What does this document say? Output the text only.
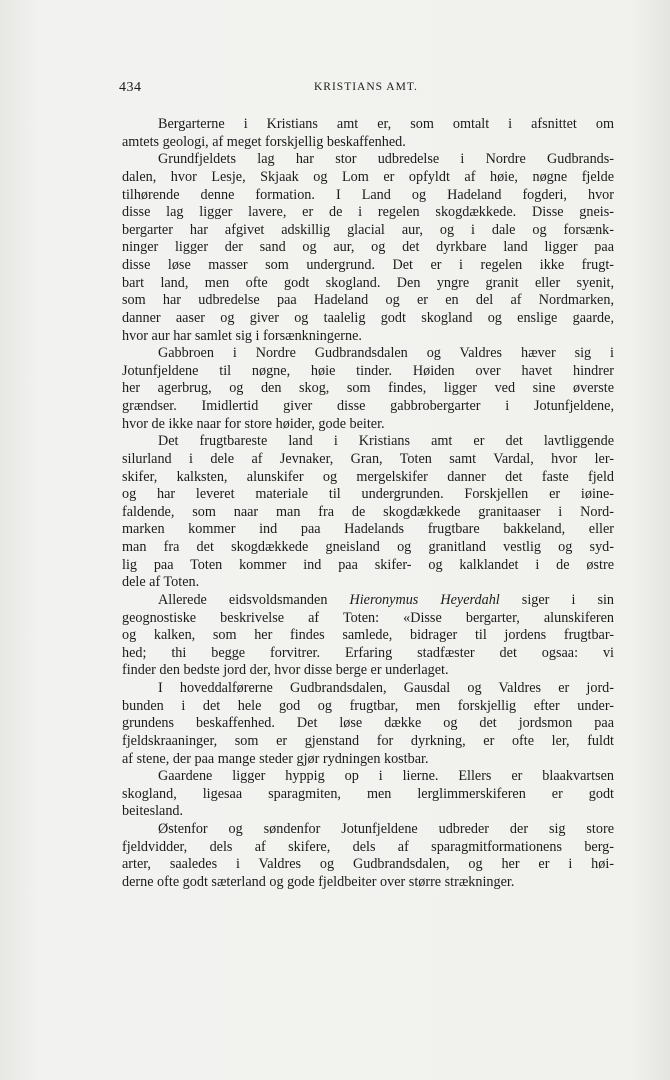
434	KRISTIANS AMT.

Bergarterne i Kristians amt er, som omtalt i afsnittet om
amtets geologi, af meget forskjellig beskaffenhed.

Grundfjeldets lag har stor udbredelse i Nordre Gudbrands-
dalen, hvor Lesje, Skjaak og Lom er opfyldt af høie, nøgne fjelde
tilhørende denne formation. I Land og Hadeland fogderi, hvor
disse lag ligger lavere, er de i regelen skogdækkede. Disse gneis-
bergarter har afgivet adskillig glacial aur, og i dale og forsænk-
ninger ligger der sand og aur, og det dyrkbare land ligger paa
disse løse masser som undergrund. Det er i regelen ikke frugt-
bart land, men ofte godt skogland. Den yngre granit eller syenit,
som har udbredelse paa Hadeland og er en del af Nordmarken,
danner aaser og giver og taalelig godt skogland og enslige gaarde,
hvor aur har samlet sig i forsænkningerne.

Gabbroen i Nordre Gudbrandsdalen og Valdres hæver sig i
Jotunfjeldene til nøgne, høie tinder. Høiden over havet hindrer
her agerbrug, og den skog, som findes, ligger ved sine øverste
grændser. Imidlertid giver disse gabbrobergarter i Jotunfjeldene,
hvor de ikke naar for store høider, gode beiter.

Det frugtbareste land i Kristians amt er det lavtliggende
silurland i dele af Jevnaker, Gran, Toten samt Vardal, hvor ler-
skifer, kalksten, alunskifer og mergelskifer danner det faste fjeld
og har leveret materiale til undergrunden. Forskjellen er iøine-
faldende, som naar man fra de skogdækkede granitaaser i Nord-
marken kommer ind paa Hadelands frugtbare bakkeland, eller
man fra det skogdækkede gneisland og granitland vestlig og syd-
lig paa Toten kommer ind paa skifer- og kalklandet i de østre
dele af Toten.

Allerede eidsvoldsmanden Hieronymus Heyerdahl siger i sin
geognostiske beskrivelse af Toten: «Disse bergarter, alunskiferen
og kalken, som her findes samlede, bidrager til jordens frugtbar-
hed; thi begge forvitrer. Erfaring stadfæster det ogsaa: vi
finder den bedste jord der, hvor disse berge er underlaget.

I hoveddalførerne Gudbrandsdalen, Gausdal og Valdres er jord-
bunden i det hele god og frugtbar, men forskjellig efter under-
grundens beskaffenhed. Det løse dække og det jordsmon paa
fjeldskraaninger, som er gjenstand for dyrkning, er ofte ler, fuldt
af stene, der paa mange steder gjør rydningen kostbar.

Gaardene ligger hyppig op i lierne. Ellers er blaakvartsen
skogland, ligesaa sparagmiten, men lerglimmerskiferen er godt
beitesland.

Østenfor og søndenfor Jotunfjeldene udbreder der sig store
fjeldvidder, dels af skifere, dels af sparagmitformationens berg-
arter, saaledes i Valdres og Gudbrandsdalen, og her er i høi-
derne ofte godt sæterland og gode fjeldbeiter over større strækninger.
